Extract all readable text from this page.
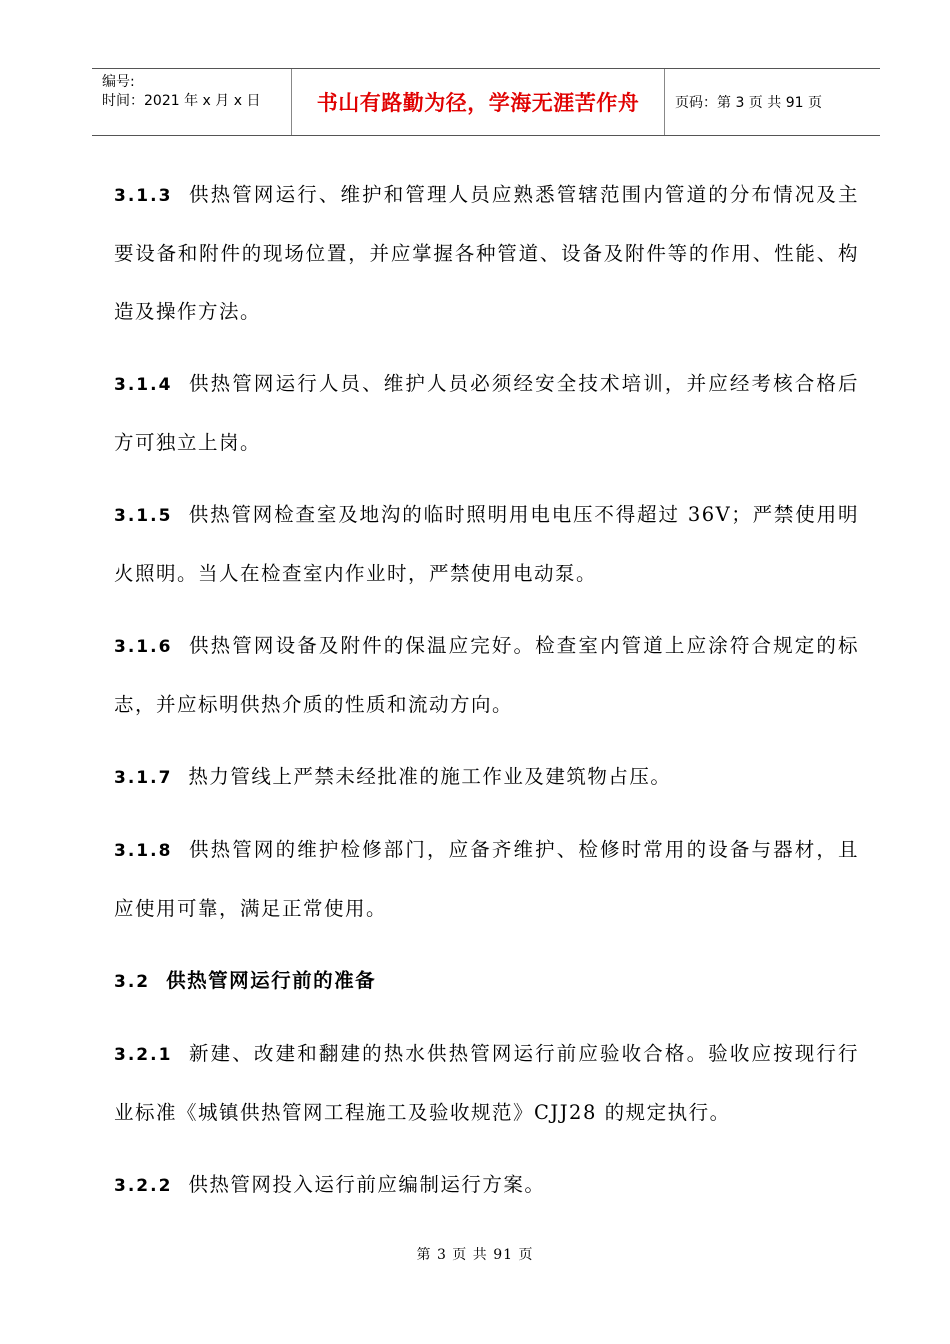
编号:
时间：2021 年 x 月 x 日	书山有路勤为径，学海无涯苦作舟	页码：第 3 页 共 91 页

3.1.3 供热管网运行、维护和管理人员应熟悉管辖范围内管道的分布情况及主要设备和附件的现场位置，并应掌握各种管道、设备及附件等的作用、性能、构造及操作方法。

3.1.4 供热管网运行人员、维护人员必须经安全技术培训，并应经考核合格后方可独立上岗。

3.1.5 供热管网检查室及地沟的临时照明用电电压不得超过 36V；严禁使用明火照明。当人在检查室内作业时，严禁使用电动泵。

3.1.6 供热管网设备及附件的保温应完好。检查室内管道上应涂符合规定的标志，并应标明供热介质的性质和流动方向。

3.1.7 热力管线上严禁未经批准的施工作业及建筑物占压。

3.1.8 供热管网的维护检修部门，应备齐维护、检修时常用的设备与器材，且应使用可靠，满足正常使用。

3.2 供热管网运行前的准备

3.2.1 新建、改建和翻建的热水供热管网运行前应验收合格。验收应按现行行业标准《城镇供热管网工程施工及验收规范》CJJ28 的规定执行。

3.2.2 供热管网投入运行前应编制运行方案。

第 3 页 共 91 页
